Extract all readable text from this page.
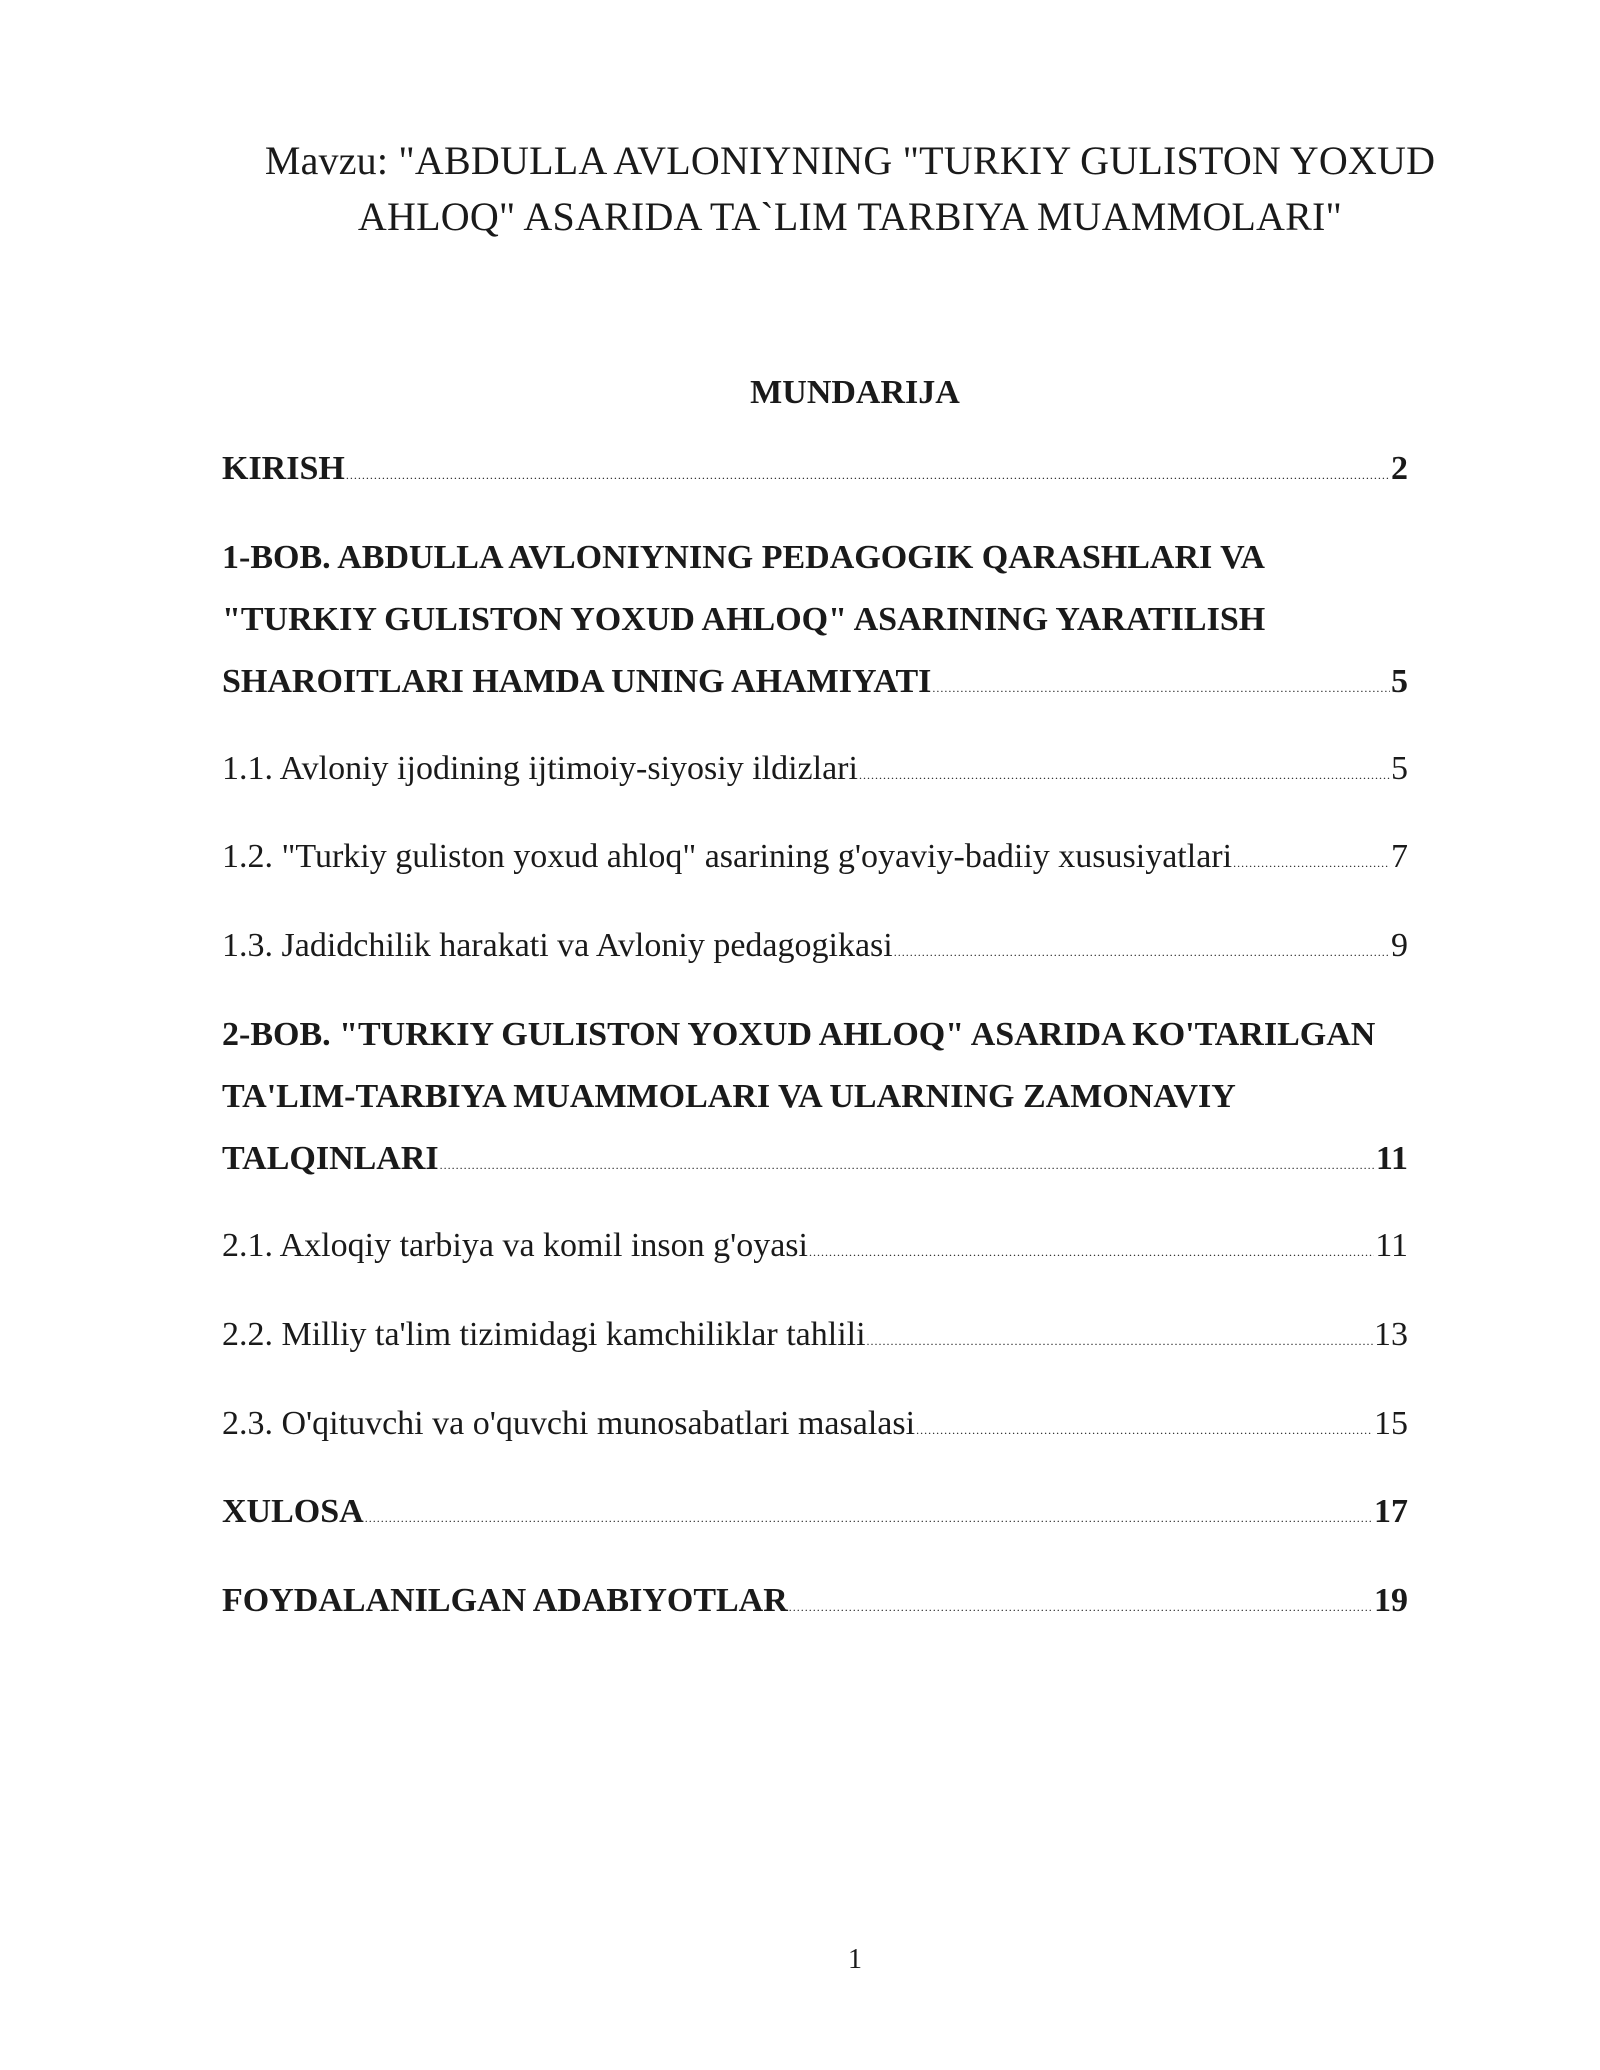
Mavzu: "ABDULLA AVLONIYNING "TURKIY GULISTON YOXUD
AHLOQ" ASARIDA TA`LIM TARBIYA MUAMMOLARI"
MUNDARIJA
KIRISH .....	2
1-BOB. ABDULLA AVLONIYNING PEDAGOGIK QARASHLARI VA
"TURKIY GULISTON YOXUD AHLOQ" ASARINING YARATILISH
SHAROITLARI HAMDA UNING AHAMIYATI .....	5
1.1. Avloniy ijodining ijtimoiy-siyosiy ildizlari .....	5
1.2. "Turkiy guliston yoxud ahloq" asarining g'oyaviy-badiiy xususiyatlari .....	7
1.3. Jadidchilik harakati va Avloniy pedagogikasi .....	9
2-BOB. "TURKIY GULISTON YOXUD AHLOQ" ASARIDA KO'TARILGAN
TA'LIM-TARBIYA MUAMMOLARI VA ULARNING ZAMONAVIY
TALQINLARI .....	11
2.1. Axloqiy tarbiya va komil inson g'oyasi .....	11
2.2. Milliy ta'lim tizimidagi kamchiliklar tahlili .....	13
2.3. O'qituvchi va o'quvchi munosabatlari masalasi .....	15
XULOSA .....	17
FOYDALANILGAN ADABIYOTLAR .....	19
1
